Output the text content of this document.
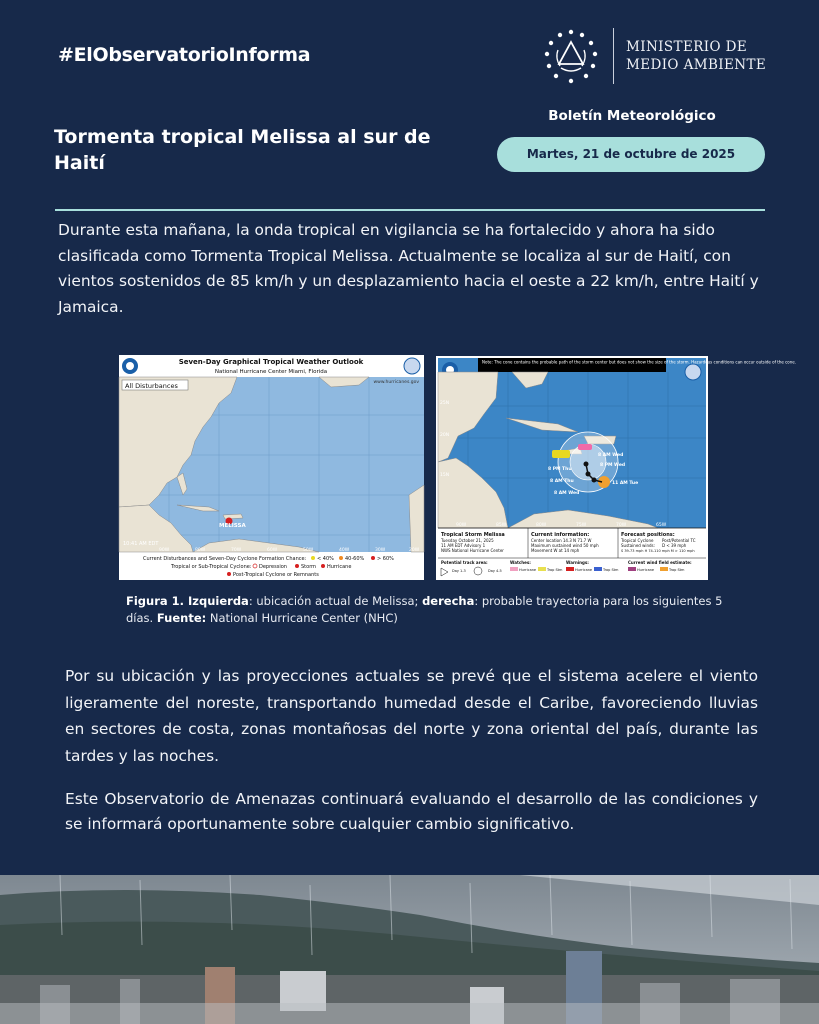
#ElObservatorioInforma	MINISTERIO DE
MEDIO AMBIENTE
Tormenta tropical Melissa al sur de Haití
Boletín Meteorológico
Martes, 21 de octubre de 2025

Durante esta mañana, la onda tropical en vigilancia se ha fortalecido y ahora ha sido clasificada como Tormenta Tropical Melissa. Actualmente se localiza al sur de Haití, con vientos sostenidos de 85 km/h y un desplazamiento hacia el oeste a 22 km/h, entre Haití y Jamaica.

MELISSA
Seven-Day Graphical Tropical Weather Outlook
National Hurricane Center Miami, Florida
All Disturbances	www.hurricanes.gov
10:41 AM EDT
90W	80W	70W	60W	50W	40W	30W	20W
Current Disturbances and Seven-Day Cyclone Formation Chance: < 40% 40-60%	> 60%
Tropical or Sub-Tropical Cyclone: Depression	Storm Hurricane
Post-Tropical Cyclone or Remnants
Note: The cone contains the probable path of the storm center but does not show the size of the storm. Hazardous conditions can occur outside of the cone.
8 AM Wed
8 PM Wed
8 PM Thu
8 AM Thu
8 AM Wed
11 AM Tue
25N
20N
15N
90W	85W	80W	75W	70W	65W
Tropical Storm Melissa
Tuesday October 21, 2025
11 AM EDT Advisory 1
NWS National Hurricane Center
Current information:
Center location 14.3 N 71.7 W
Maximum sustained wind 50 mph
Movement W at 14 mph
Forecast positions:
Tropical Cyclone Post/Potential TC
Sustained winds: D < 39 mph
S 39-73 mph H 74-110 mph M > 110 mph
Potential track area:
Day 1-3	Day 4-5
Watches:
Hurricane	Trop Stm
Warnings:
Hurricane	Trop Stm
Current wind field estimate:
Hurricane	Trop Stm
Figura 1. Izquierda: ubicación actual de Melissa; derecha: probable trayectoria para los siguientes 5 días. Fuente: National Hurricane Center (NHC)

Por su ubicación y las proyecciones actuales se prevé que el sistema acelere el viento ligeramente del noreste, transportando humedad desde el Caribe, favoreciendo lluvias en sectores de costa, zonas montañosas del norte y zona oriental del país, durante las tardes y las noches.

Este Observatorio de Amenazas continuará evaluando el desarrollo de las condiciones y se informará oportunamente sobre cualquier cambio significativo.
